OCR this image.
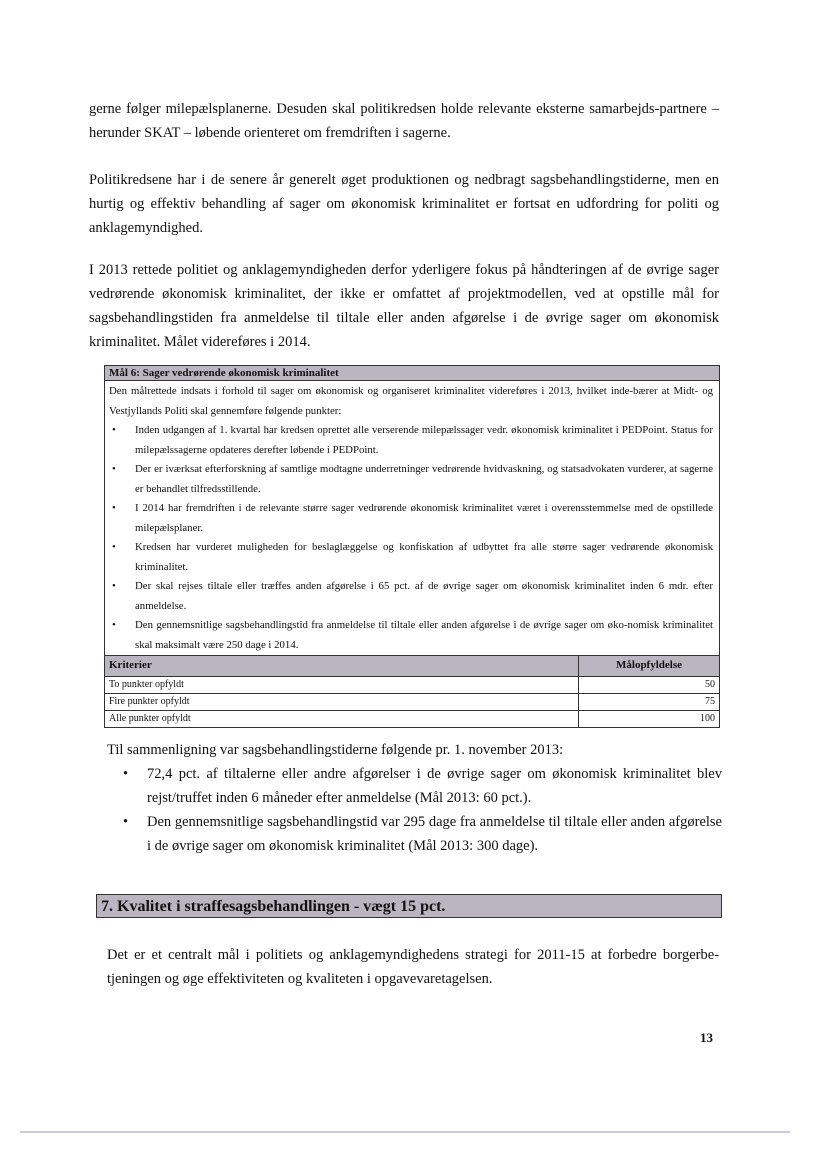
gerne følger milepælsplanerne. Desuden skal politikredsen holde relevante eksterne samarbejds-partnere – herunder SKAT – løbende orienteret om fremdriften i sagerne.

Politikredsene har i de senere år generelt øget produktionen og nedbragt sagsbehandlingstiderne, men en hurtig og effektiv behandling af sager om økonomisk kriminalitet er fortsat en udfordring for politi og anklagemyndighed.

I 2013 rettede politiet og anklagemyndigheden derfor yderligere fokus på håndteringen af de øvrige sager vedrørende økonomisk kriminalitet, der ikke er omfattet af projektmodellen, ved at opstille mål for sagsbehandlingstiden fra anmeldelse til tiltale eller anden afgørelse i de øvrige sager om økonomisk kriminalitet. Målet videreføres i 2014.

Mål 6: Sager vedrørende økonomisk kriminalitet
Den målrettede indsats i forhold til sager om økonomisk og organiseret kriminalitet videreføres i 2013, hvilket inde-bærer at Midt- og Vestjyllands Politi skal gennemføre følgende punkter:
• Inden udgangen af 1. kvartal har kredsen oprettet alle verserende milepælssager vedr. økonomisk kriminalitet i PEDPoint. Status for milepælssagerne opdateres derefter løbende i PEDPoint.
• Der er iværksat efterforskning af samtlige modtagne underretninger vedrørende hvidvaskning, og statsadvokaten vurderer, at sagerne er behandlet tilfredsstillende.
• I 2014 har fremdriften i de relevante større sager vedrørende økonomisk kriminalitet været i overensstemmelse med de opstillede milepælsplaner.
• Kredsen har vurderet muligheden for beslaglæggelse og konfiskation af udbyttet fra alle større sager vedrørende økonomisk kriminalitet.
• Der skal rejses tiltale eller træffes anden afgørelse i 65 pct. af de øvrige sager om økonomisk kriminalitet inden 6 mdr. efter anmeldelse.
• Den gennemsnitlige sagsbehandlingstid fra anmeldelse til tiltale eller anden afgørelse i de øvrige sager om øko-nomisk kriminalitet skal maksimalt være 250 dage i 2014.
Kriterier	Målopfyldelse
To punkter opfyldt	50
Fire punkter opfyldt	75
Alle punkter opfyldt	100

Til sammenligning var sagsbehandlingstiderne følgende pr. 1. november 2013:

• 72,4 pct. af tiltalerne eller andre afgørelser i de øvrige sager om økonomisk kriminalitet blev rejst/truffet inden 6 måneder efter anmeldelse (Mål 2013: 60 pct.).
• Den gennemsnitlige sagsbehandlingstid var 295 dage fra anmeldelse til tiltale eller anden afgørelse i de øvrige sager om økonomisk kriminalitet (Mål 2013: 300 dage).
7. Kvalitet i straffesagsbehandlingen - vægt 15 pct.

Det er et centralt mål i politiets og anklagemyndighedens strategi for 2011-15 at forbedre borgerbe-tjeningen og øge effektiviteten og kvaliteten i opgavevaretagelsen.

13
